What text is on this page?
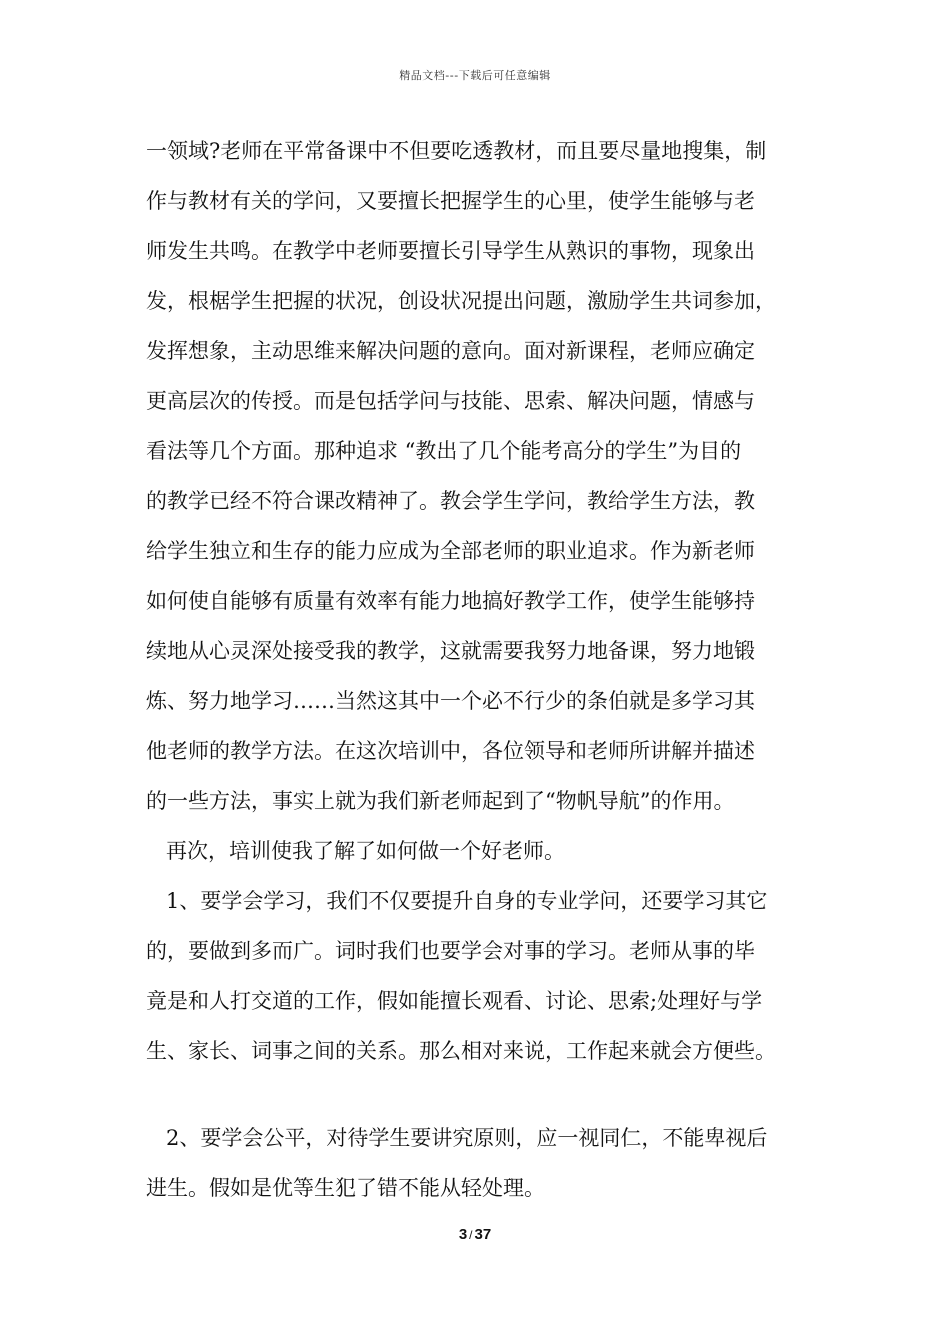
精品文档---下载后可任意编辑
一领域?老师在平常备课中不但要吃透教材，而且要尽量地搜集，制
作与教材有关的学问，又要擅长把握学生的心里，使学生能够与老
师发生共鸣。在教学中老师要擅长引导学生从熟识的事物，现象出
发，根椐学生把握的状况，创设状况提出问题，激励学生共词参加，
发挥想象，主动思维来解决问题的意向。面对新课程，老师应确定
更高层次的传授。而是包括学问与技能、思索、解决问题，情感与
看法等几个方面。那种追求 “教出了几个能考高分的学生”为目的
的教学已经不符合课改精神了。教会学生学问，教给学生方法，教
给学生独立和生存的能力应成为全部老师的职业追求。作为新老师
如何使自能够有质量有效率有能力地搞好教学工作，使学生能够持
续地从心灵深处接受我的教学，这就需要我努力地备课，努力地锻
炼、努力地学习……当然这其中一个必不行少的条伯就是多学习其
他老师的教学方法。在这次培训中，各位领导和老师所讲解并描述
的一些方法，事实上就为我们新老师起到了“物帆导航”的作用。
再次，培训使我了解了如何做一个好老师。
1、要学会学习，我们不仅要提升自身的专业学问，还要学习其它
的，要做到多而广。词时我们也要学会对事的学习。老师从事的毕
竟是和人打交道的工作，假如能擅长观看、讨论、思索;处理好与学
生、家长、词事之间的关系。那么相对来说，工作起来就会方便些。
2、要学会公平，对待学生要讲究原则，应一视同仁，不能卑视后
进生。假如是优等生犯了错不能从轻处理。
3 / 37
